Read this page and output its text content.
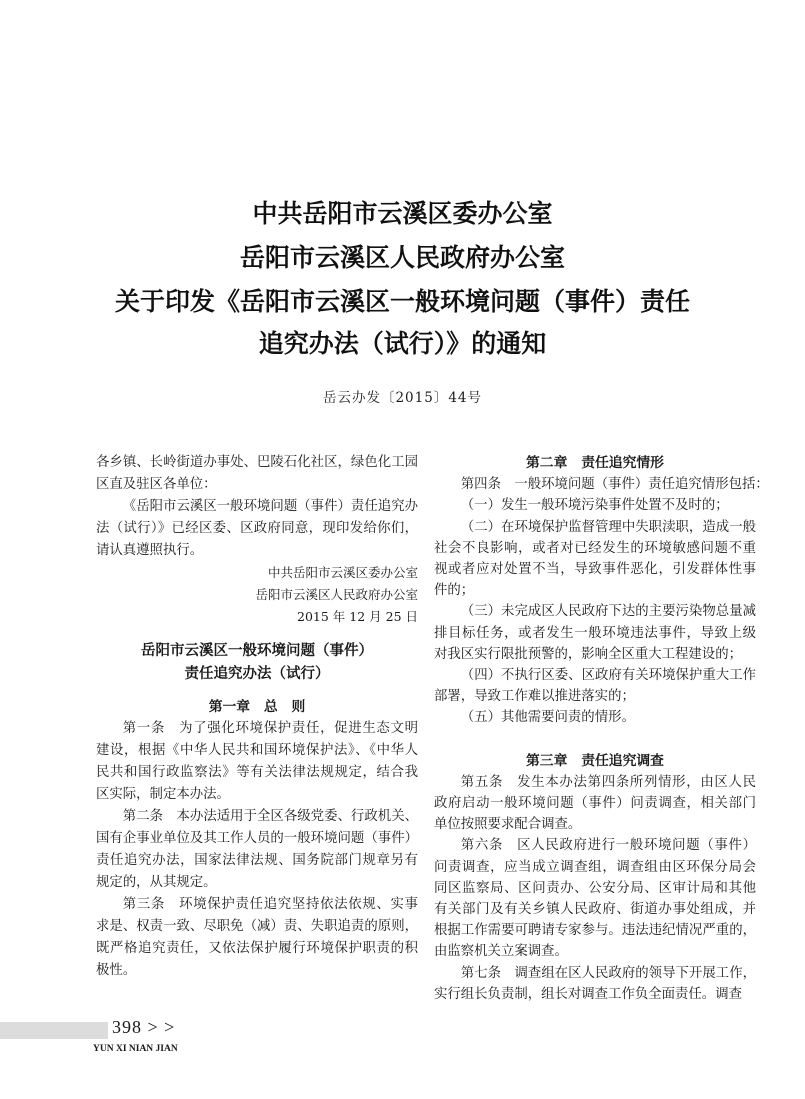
中共岳阳市云溪区委办公室
岳阳市云溪区人民政府办公室
关于印发《岳阳市云溪区一般环境问题（事件）责任
追究办法（试行）》的通知
岳云办发〔2015〕44号
各乡镇、长岭街道办事处、巴陵石化社区，绿色化工园
区直及驻区各单位：
《岳阳市云溪区一般环境问题（事件）责任追究办
法（试行）》已经区委、区政府同意，现印发给你们，
请认真遵照执行。
中共岳阳市云溪区委办公室
岳阳市云溪区人民政府办公室
2015 年 12 月 25 日
岳阳市云溪区一般环境问题（事件）
责任追究办法（试行）
第一章　总　则
第一条　为了强化环境保护责任，促进生态文明
建设，根据《中华人民共和国环境保护法》、《中华人
民共和国行政监察法》等有关法律法规规定，结合我
区实际，制定本办法。
第二条　本办法适用于全区各级党委、行政机关、
国有企事业单位及其工作人员的一般环境问题（事件）
责任追究办法，国家法律法规、国务院部门规章另有
规定的，从其规定。
第三条　环境保护责任追究坚持依法依规、实事
求是、权责一致、尽职免（减）责、失职追责的原则，
既严格追究责任，又依法保护履行环境保护职责的积
极性。
第二章　责任追究情形
第四条　一般环境问题（事件）责任追究情形包括：
（一）发生一般环境污染事件处置不及时的；
（二）在环境保护监督管理中失职渎职，造成一般
社会不良影响，或者对已经发生的环境敏感问题不重
视或者应对处置不当，导致事件恶化，引发群体性事
件的；
（三）未完成区人民政府下达的主要污染物总量减
排目标任务，或者发生一般环境违法事件，导致上级
对我区实行限批预警的，影响全区重大工程建设的；
（四）不执行区委、区政府有关环境保护重大工作
部署，导致工作难以推进落实的；
（五）其他需要问责的情形。
第三章　责任追究调查
第五条　发生本办法第四条所列情形，由区人民
政府启动一般环境问题（事件）问责调查，相关部门
单位按照要求配合调查。
第六条　区人民政府进行一般环境问题（事件）
问责调查，应当成立调查组，调查组由区环保分局会
同区监察局、区问责办、公安分局、区审计局和其他
有关部门及有关乡镇人民政府、街道办事处组成，并
根据工作需要可聘请专家参与。违法违纪情况严重的，
由监察机关立案调查。
第七条　调查组在区人民政府的领导下开展工作，
实行组长负责制，组长对调查工作负全面责任。调查
398 > >
YUN XI NIAN JIAN
